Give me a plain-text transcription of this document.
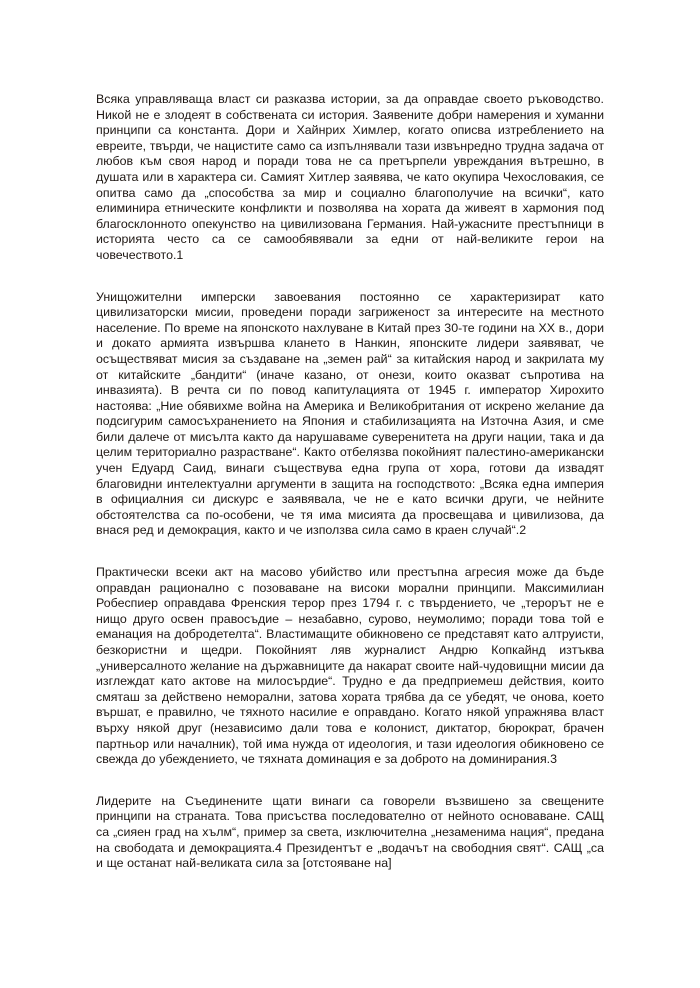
Всяка управляваща власт си разказва истории, за да оправдае своето ръководство. Никой не е злодеят в собствената си история. Заявените добри намерения и хуманни принципи са константа. Дори и Хайнрих Химлер, когато описва изтреблението на евреите, твърди, че нацистите само са изпълнявали тази извънредно трудна задача от любов към своя народ и поради това не са претърпели увреждания вътрешно, в душата или в характера си. Самият Хитлер заявява, че като окупира Чехословакия, се опитва само да „способства за мир и социално благополучие на всички“, като елиминира етническите конфликти и позволява на хората да живеят в хармония под благосклонното опекунство на цивилизована Германия. Най-ужасните престъпници в историята често са се самообявявали за едни от най-великите герои на човечеството.1

Унищожителни имперски завоевания постоянно се характеризират като цивилизаторски мисии, проведени поради загриженост за интересите на местното население. По време на японското нахлуване в Китай през 30-те години на XX в., дори и докато армията извършва кланeто в Нанкин, японските лидери заявяват, че осъществяват мисия за създаване на „земен рай“ за китайския народ и закрилата му от китайските „бандити“ (иначе казано, от онези, които оказват съпротива на инвазията). В речта си по повод капитулацията от 1945 г. император Хирохито настоява: „Ние обявихме война на Америка и Великобритания от искрено желание да подсигурим самосъхранението на Япония и стабилизацията на Източна Азия, и сме били далече от мисълта както да нарушаваме суверенитета на други нации, така и да целим териториално разрастване“. Както отбелязва покойният палестино-американски учен Едуард Саид, винаги съществува една група от хора, готови да извадят благовидни интелектуални аргументи в защита на господството: „Всяка една империя в официалния си дискурс е заявявала, че не е като всички други, че нейните обстоятелства са по-особени, че тя има мисията да просвещава и цивилизова, да внася ред и демокрация, както и че използва сила само в краен случай“.2

Практически всеки акт на масово убийство или престъпна агресия може да бъде оправдан рационално с позоваване на високи морални принципи. Максимилиан Робеспиер оправдава Френския терор през 1794 г. с твърдението, че „терорът не е нищо друго освен правосъдие – незабавно, сурово, неумолимо; поради това той е еманация на добродетелта“. Властимащите обикновено се представят като алтруисти, безкористни и щедри. Покойният ляв журналист Андрю Копкайнд изтъква „универсалното желание на държавниците да накарат своите най-чудовищни мисии да изглеждат като актове на милосърдие“. Трудно е да предприемеш действия, които смяташ за действено неморални, затова хората трябва да се убедят, че онова, което вършат, е правилно, че тяхното насилие е оправдано. Когато някой упражнява власт върху някой друг (независимо дали това е колонист, диктатор, бюрократ, брачен партньор или началник), той има нужда от идеология, и тази идеология обикновено се свежда до убеждението, че тяхната доминация е за доброто на доминирания.3

Лидерите на Съединените щати винаги са говорели възвишено за свещените принципи на страната. Това присъства последователно от нейното основаване. САЩ са „сияен град на хълм“, пример за света, изключителна „незаменима нация“, предана на свободата и демокрацията.4 Президентът е „водачът на свободния свят“. САЩ „са и ще останат най-великата сила за [отстояване на]
